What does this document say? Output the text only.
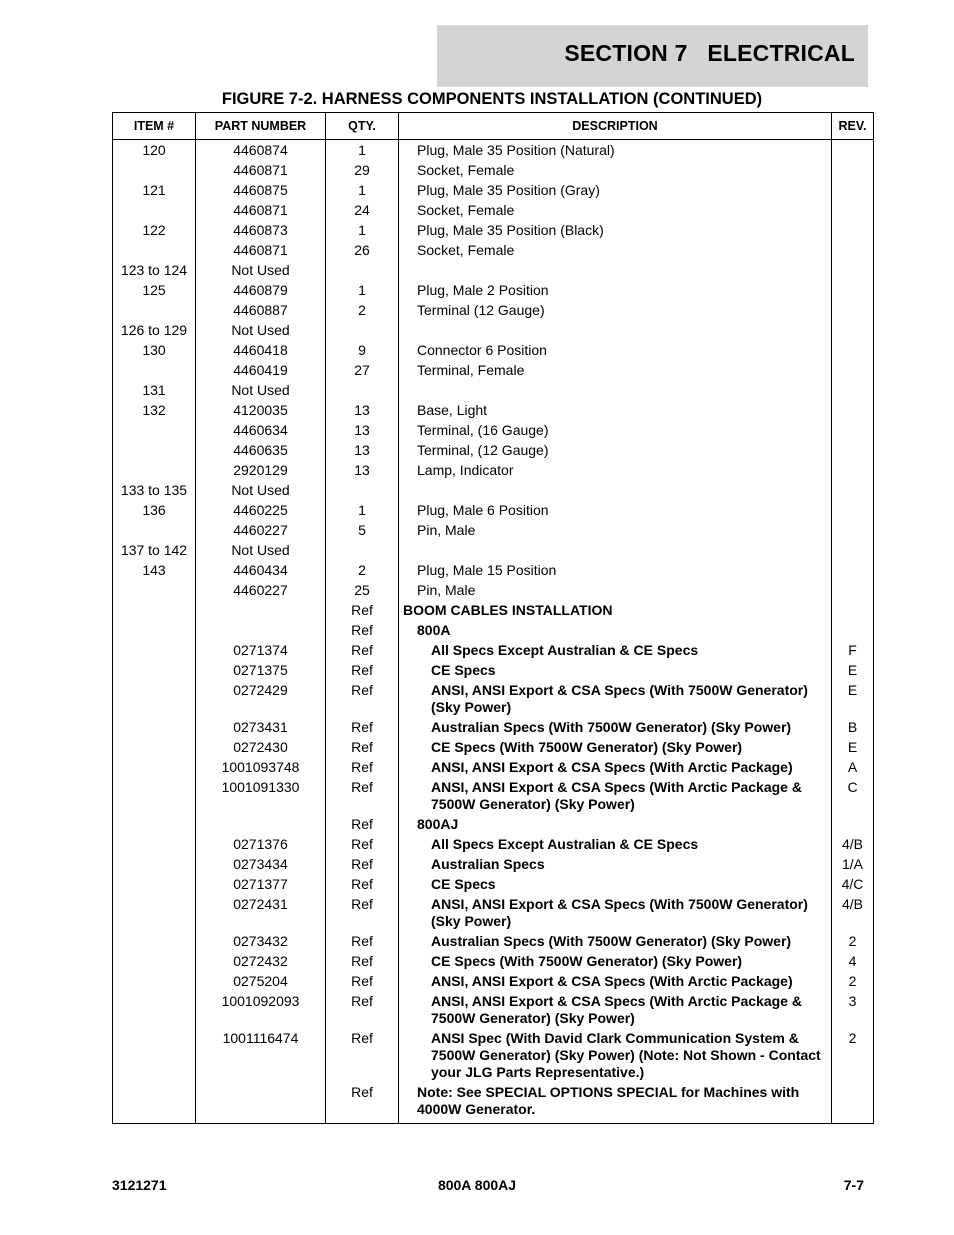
SECTION 7   ELECTRICAL
FIGURE 7-2. HARNESS COMPONENTS INSTALLATION (CONTINUED)
ITEM #	PART NUMBER	QTY.	DESCRIPTION	REV.
120	4460874	1	Plug, Male 35 Position (Natural)	
	4460871	29	Socket, Female	
121	4460875	1	Plug, Male 35 Position (Gray)	
	4460871	24	Socket, Female	
122	4460873	1	Plug, Male 35 Position (Black)	
	4460871	26	Socket, Female	
123 to 124	Not Used			
125	4460879	1	Plug, Male 2 Position	
	4460887	2	Terminal (12 Gauge)	
126 to 129	Not Used			
130	4460418	9	Connector 6 Position	
	4460419	27	Terminal, Female	
131	Not Used			
132	4120035	13	Base, Light	
	4460634	13	Terminal, (16 Gauge)	
	4460635	13	Terminal, (12 Gauge)	
	2920129	13	Lamp, Indicator	
133 to 135	Not Used			
136	4460225	1	Plug, Male 6 Position	
	4460227	5	Pin, Male	
137 to 142	Not Used			
143	4460434	2	Plug, Male 15 Position	
	4460227	25	Pin, Male	
		Ref	BOOM CABLES INSTALLATION	
		Ref	800A	
	0271374	Ref	All Specs Except Australian & CE Specs	F
	0271375	Ref	CE Specs	E
	0272429	Ref	ANSI, ANSI Export & CSA Specs (With 7500W Generator) (Sky Power)	E
	0273431	Ref	Australian Specs (With 7500W Generator) (Sky Power)	B
	0272430	Ref	CE Specs (With 7500W Generator) (Sky Power)	E
	1001093748	Ref	ANSI, ANSI Export & CSA Specs (With Arctic Package)	A
	1001091330	Ref	ANSI, ANSI Export & CSA Specs (With Arctic Package & 7500W Generator) (Sky Power)	C
		Ref	800AJ	
	0271376	Ref	All Specs Except Australian & CE Specs	4/B
	0273434	Ref	Australian Specs	1/A
	0271377	Ref	CE Specs	4/C
	0272431	Ref	ANSI, ANSI Export & CSA Specs (With 7500W Generator) (Sky Power)	4/B
	0273432	Ref	Australian Specs (With 7500W Generator) (Sky Power)	2
	0272432	Ref	CE Specs (With 7500W Generator) (Sky Power)	4
	0275204	Ref	ANSI, ANSI Export & CSA Specs (With Arctic Package)	2
	1001092093	Ref	ANSI, ANSI Export & CSA Specs (With Arctic Package & 7500W Generator) (Sky Power)	3
	1001116474	Ref	ANSI Spec (With David Clark Communication System & 7500W Generator) (Sky Power) (Note: Not Shown - Contact your JLG Parts Representative.)	2
		Ref	Note: See SPECIAL OPTIONS SPECIAL for Machines with 4000W Generator.	
3121271	800A 800AJ	7-7
